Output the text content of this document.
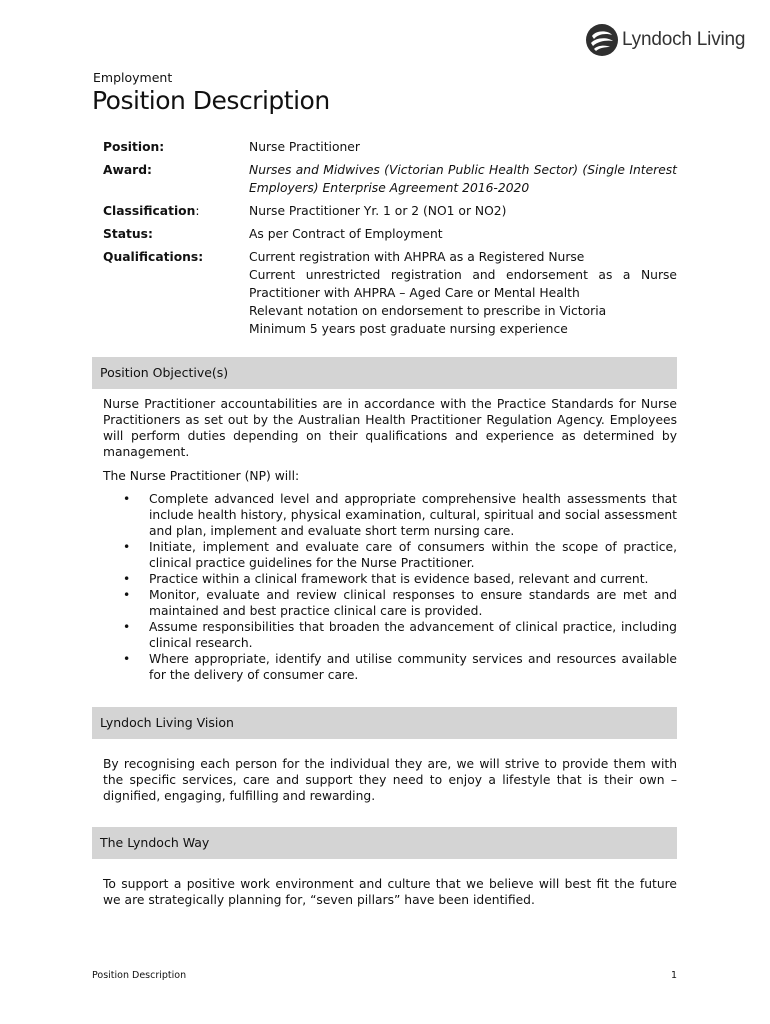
Lyndoch Living
Employment
Position Description
Position:	Nurse Practitioner
Award:	Nurses and Midwives (Victorian Public Health Sector) (Single Interest Employers) Enterprise Agreement 2016-2020
Classification:	Nurse Practitioner Yr. 1 or 2 (NO1 or NO2)
Status:	As per Contract of Employment
Qualifications:	Current registration with AHPRA as a Registered Nurse
Current unrestricted registration and endorsement as a Nurse Practitioner with AHPRA – Aged Care or Mental Health
Relevant notation on endorsement to prescribe in Victoria
Minimum 5 years post graduate nursing experience
Position Objective(s)

Nurse Practitioner accountabilities are in accordance with the Practice Standards for Nurse Practitioners as set out by the Australian Health Practitioner Regulation Agency. Employees will perform duties depending on their qualifications and experience as determined by management.

The Nurse Practitioner (NP) will:

• Complete advanced level and appropriate comprehensive health assessments that include health history, physical examination, cultural, spiritual and social assessment and plan, implement and evaluate short term nursing care.
• Initiate, implement and evaluate care of consumers within the scope of practice, clinical practice guidelines for the Nurse Practitioner.
• Practice within a clinical framework that is evidence based, relevant and current.
• Monitor, evaluate and review clinical responses to ensure standards are met and maintained and best practice clinical care is provided.
• Assume responsibilities that broaden the advancement of clinical practice, including clinical research.
• Where appropriate, identify and utilise community services and resources available for the delivery of consumer care.
Lyndoch Living Vision

By recognising each person for the individual they are, we will strive to provide them with the specific services, care and support they need to enjoy a lifestyle that is their own – dignified, engaging, fulfilling and rewarding.

The Lyndoch Way

To support a positive work environment and culture that we believe will best fit the future we are strategically planning for, “seven pillars” have been identified.

Position Description	1
